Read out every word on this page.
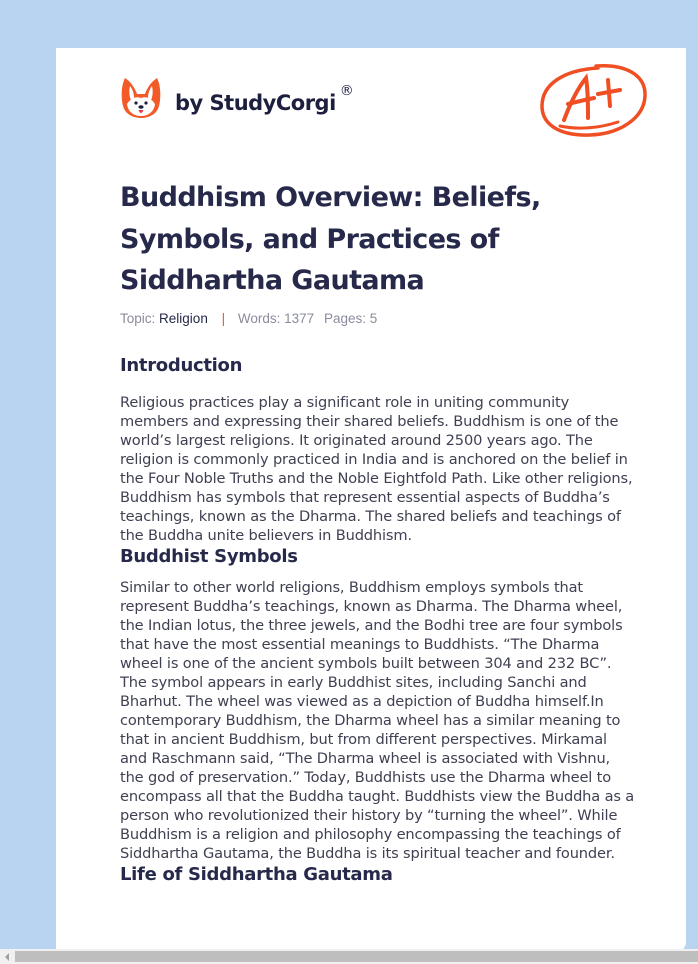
by StudyCorgi ®
Buddhism Overview: Beliefs, Symbols, and Practices of Siddhartha Gautama
Topic: Religion | Words: 1377 Pages: 5
Introduction

Religious practices play a significant role in uniting community members and expressing their shared beliefs. Buddhism is one of the world’s largest religions. It originated around 2500 years ago. The religion is commonly practiced in India and is anchored on the belief in the Four Noble Truths and the Noble Eightfold Path. Like other religions, Buddhism has symbols that represent essential aspects of Buddha’s teachings, known as the Dharma. The shared beliefs and teachings of the Buddha unite believers in Buddhism.

Buddhist Symbols

Similar to other world religions, Buddhism employs symbols that represent Buddha’s teachings, known as Dharma. The Dharma wheel, the Indian lotus, the three jewels, and the Bodhi tree are four symbols that have the most essential meanings to Buddhists. “The Dharma wheel is one of the ancient symbols built between 304 and 232 BC”. The symbol appears in early Buddhist sites, including Sanchi and Bharhut. The wheel was viewed as a depiction of Buddha himself.In contemporary Buddhism, the Dharma wheel has a similar meaning to that in ancient Buddhism, but from different perspectives. Mirkamal and Raschmann said, “The Dharma wheel is associated with Vishnu, the god of preservation.” Today, Buddhists use the Dharma wheel to encompass all that the Buddha taught. Buddhists view the Buddha as a person who revolutionized their history by “turning the wheel”. While Buddhism is a religion and philosophy encompassing the teachings of Siddhartha Gautama, the Buddha is its spiritual teacher and founder.

Life of Siddhartha Gautama
